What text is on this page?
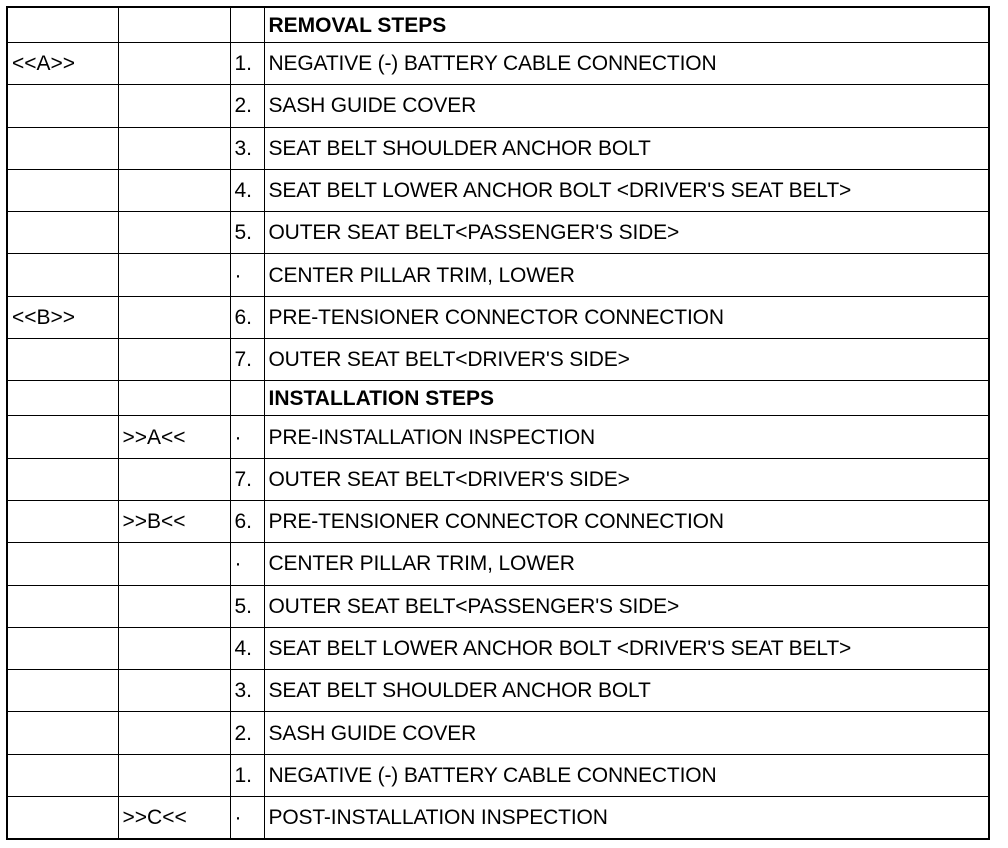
			REMOVAL STEPS
<<A>>		1.	NEGATIVE (-) BATTERY CABLE CONNECTION
		2.	SASH GUIDE COVER
		3.	SEAT BELT SHOULDER ANCHOR BOLT
		4.	SEAT BELT LOWER ANCHOR BOLT <DRIVER'S SEAT BELT>
		5.	OUTER SEAT BELT<PASSENGER'S SIDE>
		·	CENTER PILLAR TRIM, LOWER
<<B>>		6.	PRE-TENSIONER CONNECTOR CONNECTION
		7.	OUTER SEAT BELT<DRIVER'S SIDE>
			INSTALLATION STEPS
	>>A<<	·	PRE-INSTALLATION INSPECTION
		7.	OUTER SEAT BELT<DRIVER'S SIDE>
	>>B<<	6.	PRE-TENSIONER CONNECTOR CONNECTION
		·	CENTER PILLAR TRIM, LOWER
		5.	OUTER SEAT BELT<PASSENGER'S SIDE>
		4.	SEAT BELT LOWER ANCHOR BOLT <DRIVER'S SEAT BELT>
		3.	SEAT BELT SHOULDER ANCHOR BOLT
		2.	SASH GUIDE COVER
		1.	NEGATIVE (-) BATTERY CABLE CONNECTION
	>>C<<	·	POST-INSTALLATION INSPECTION
